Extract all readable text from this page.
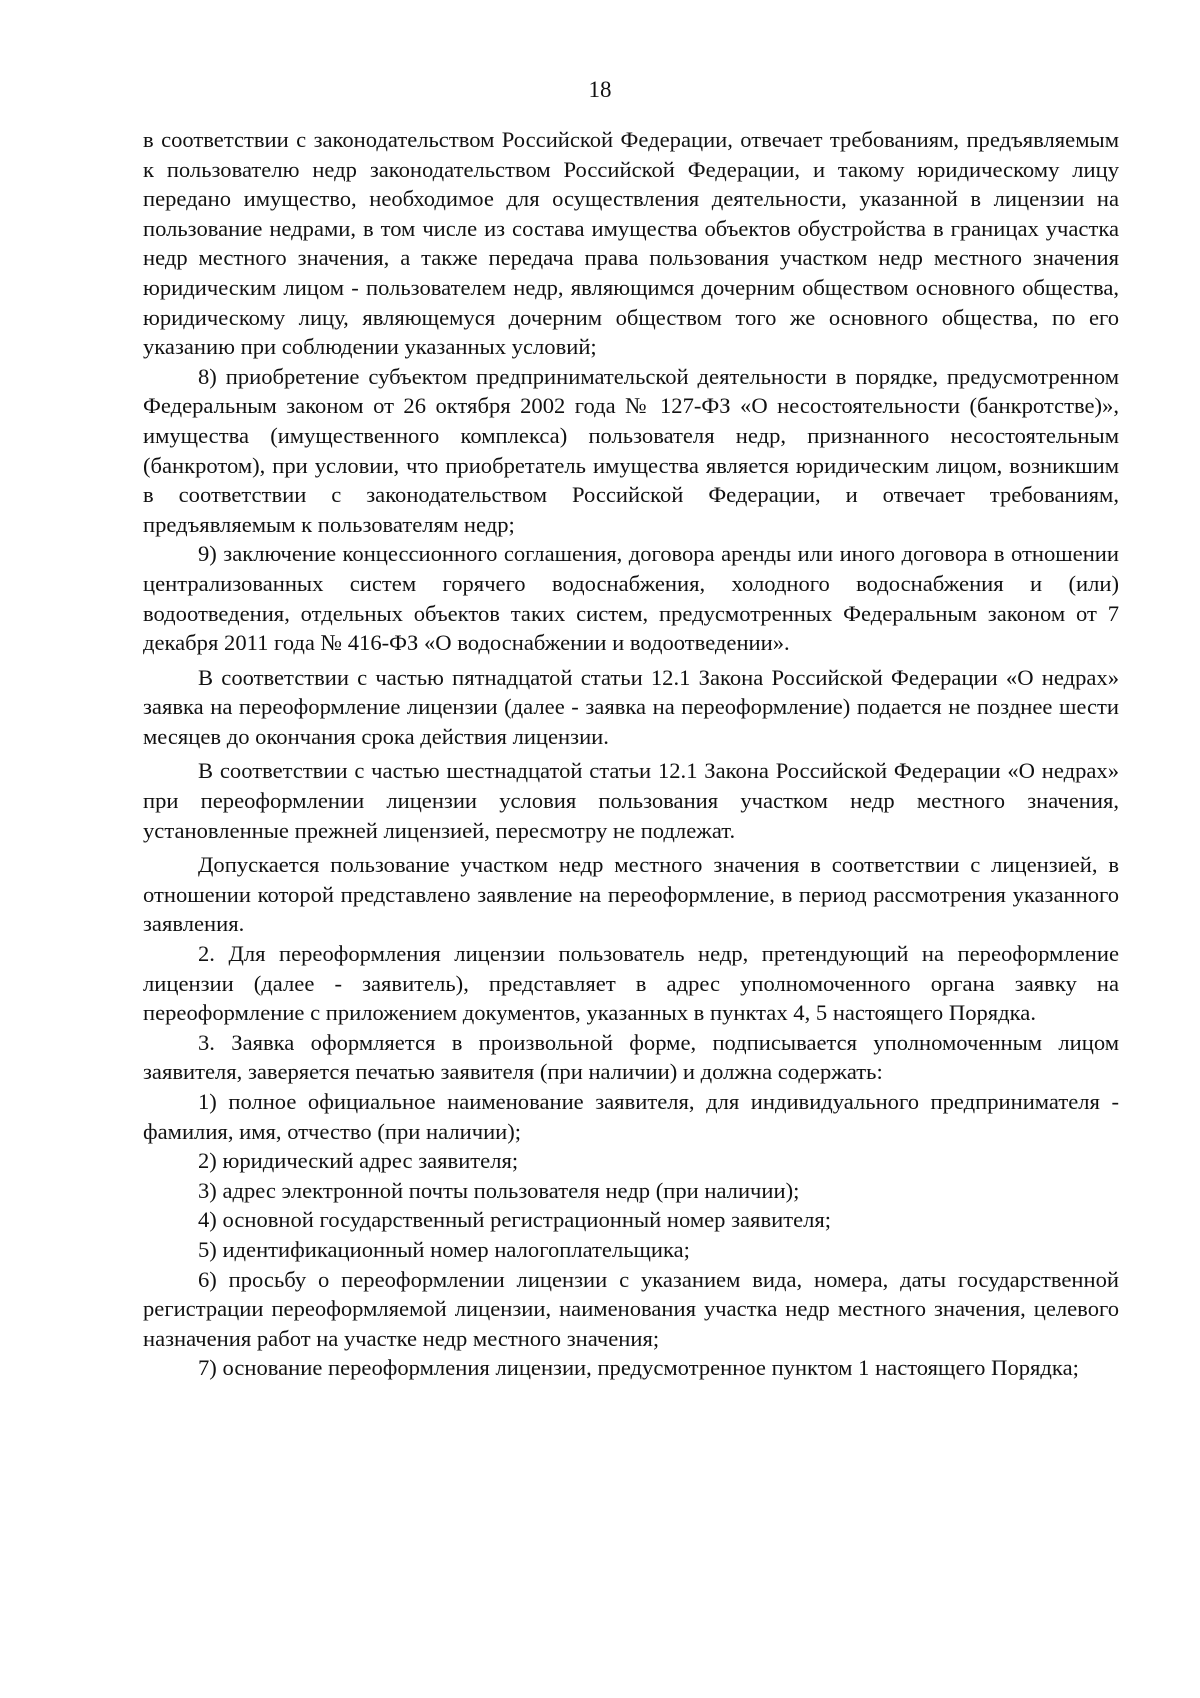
18

в соответствии с законодательством Российской Федерации, отвечает требованиям, предъявляемым к пользователю недр законодательством Российской Федерации, и такому юридическому лицу передано имущество, необходимое для осуществления деятельности, указанной в лицензии на пользование недрами, в том числе из состава имущества объектов обустройства в границах участка недр местного значения, а также передача права пользования участком недр местного значения юридическим лицом - пользователем недр, являющимся дочерним обществом основного общества, юридическому лицу, являющемуся дочерним обществом того же основного общества, по его указанию при соблюдении указанных условий;

8) приобретение субъектом предпринимательской деятельности в порядке, предусмотренном Федеральным законом от 26 октября 2002 года № 127-ФЗ «О несостоятельности (банкротстве)», имущества (имущественного комплекса) пользователя недр, признанного несостоятельным (банкротом), при условии, что приобретатель имущества является юридическим лицом, возникшим в соответствии с законодательством Российской Федерации, и отвечает требованиям, предъявляемым к пользователям недр;

9) заключение концессионного соглашения, договора аренды или иного договора в отношении централизованных систем горячего водоснабжения, холодного водоснабжения и (или) водоотведения, отдельных объектов таких систем, предусмотренных Федеральным законом от 7 декабря 2011 года № 416-ФЗ «О водоснабжении и водоотведении».

В соответствии с частью пятнадцатой статьи 12.1 Закона Российской Федерации «О недрах» заявка на переоформление лицензии (далее - заявка на переоформление) подается не позднее шести месяцев до окончания срока действия лицензии.

В соответствии с частью шестнадцатой статьи 12.1 Закона Российской Федерации «О недрах» при переоформлении лицензии условия пользования участком недр местного значения, установленные прежней лицензией, пересмотру не подлежат.

Допускается пользование участком недр местного значения в соответствии с лицензией, в отношении которой представлено заявление на переоформление, в период рассмотрения указанного заявления.

2. Для переоформления лицензии пользователь недр, претендующий на переоформление лицензии (далее - заявитель), представляет в адрес уполномоченного органа заявку на переоформление с приложением документов, указанных в пунктах 4, 5 настоящего Порядка.

3. Заявка оформляется в произвольной форме, подписывается уполномоченным лицом заявителя, заверяется печатью заявителя (при наличии) и должна содержать:

1) полное официальное наименование заявителя, для индивидуального предпринимателя - фамилия, имя, отчество (при наличии);

2) юридический адрес заявителя;

3) адрес электронной почты пользователя недр (при наличии);

4) основной государственный регистрационный номер заявителя;

5) идентификационный номер налогоплательщика;

6) просьбу о переоформлении лицензии с указанием вида, номера, даты государственной регистрации переоформляемой лицензии, наименования участка недр местного значения, целевого назначения работ на участке недр местного значения;

7) основание переоформления лицензии, предусмотренное пунктом 1 настоящего Порядка;
